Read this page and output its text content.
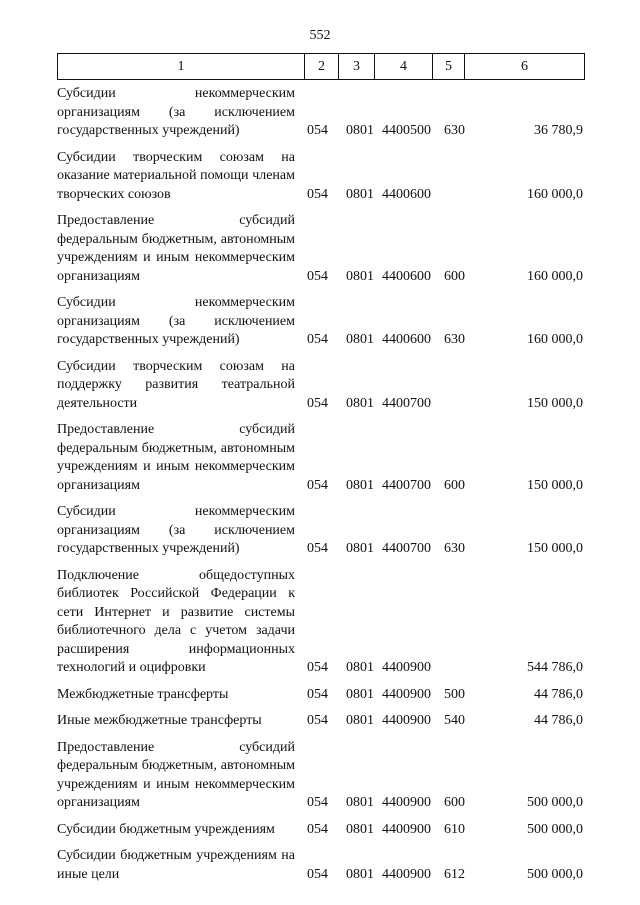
552
1	2	3	4	5	6
Субсидии некоммерческим организациям (за исключением государственных учреждений)	054 0801 4400500 630	36 780,9
Субсидии творческим союзам на оказание материальной помощи членам творческих союзов	054 0801 4400600	160 000,0
Предоставление субсидий федеральным бюджетным, автономным учреждениям и иным некоммерческим организациям	054 0801 4400600 600	160 000,0
Субсидии некоммерческим организациям (за исключением государственных учреждений)	054 0801 4400600 630	160 000,0
Субсидии творческим союзам на поддержку развития театральной деятельности	054 0801 4400700	150 000,0
Предоставление субсидий федеральным бюджетным, автономным учреждениям и иным некоммерческим организациям	054 0801 4400700 600	150 000,0
Субсидии некоммерческим организациям (за исключением государственных учреждений)	054 0801 4400700 630	150 000,0
Подключение общедоступных библиотек Российской Федерации к сети Интернет и развитие системы библиотечного дела с учетом задачи расширения информационных технологий и оцифровки	054 0801 4400900	544 786,0
Межбюджетные трансферты	054 0801 4400900 500	44 786,0
Иные межбюджетные трансферты	054 0801 4400900 540	44 786,0
Предоставление субсидий федеральным бюджетным, автономным учреждениям и иным некоммерческим организациям	054 0801 4400900 600	500 000,0
Субсидии бюджетным учреждениям	054 0801 4400900 610	500 000,0
Субсидии бюджетным учреждениям на иные цели	054 0801 4400900 612	500 000,0
